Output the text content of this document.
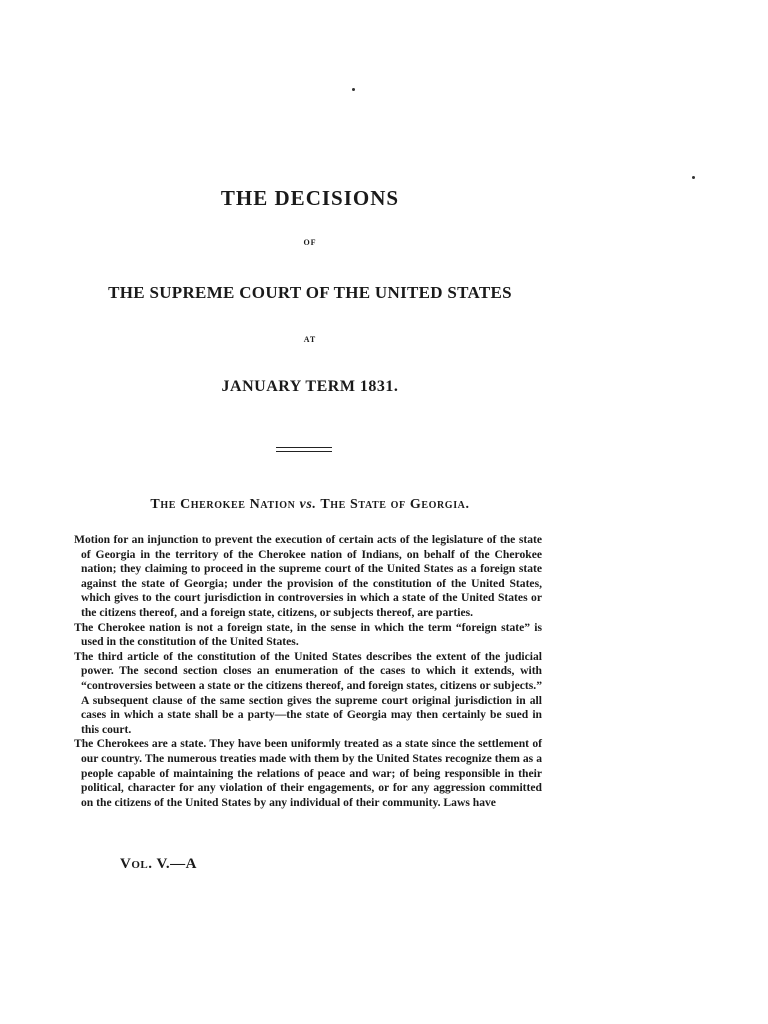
THE DECISIONS
OF
THE SUPREME COURT OF THE UNITED STATES
AT
JANUARY TERM 1831.
The Cherokee Nation vs. The State of Georgia.

Motion for an injunction to prevent the execution of certain acts of the legislature of the state of Georgia in the territory of the Cherokee nation of Indians, on behalf of the Cherokee nation; they claiming to proceed in the supreme court of the United States as a foreign state against the state of Georgia; under the provision of the constitution of the United States, which gives to the court jurisdiction in controversies in which a state of the United States or the citizens thereof, and a foreign state, citizens, or subjects thereof, are parties.

The Cherokee nation is not a foreign state, in the sense in which the term “foreign state” is used in the constitution of the United States.

The third article of the constitution of the United States describes the extent of the judicial power. The second section closes an enumeration of the cases to which it extends, with “controversies between a state or the citizens thereof, and foreign states, citizens or subjects.” A subsequent clause of the same section gives the supreme court original jurisdiction in all cases in which a state shall be a party—the state of Georgia may then certainly be sued in this court.

The Cherokees are a state. They have been uniformly treated as a state since the settlement of our country. The numerous treaties made with them by the United States recognize them as a people capable of maintaining the relations of peace and war; of being responsible in their political, character for any violation of their engagements, or for any aggression committed on the citizens of the United States by any individual of their community. Laws have

Vol. V.—A
